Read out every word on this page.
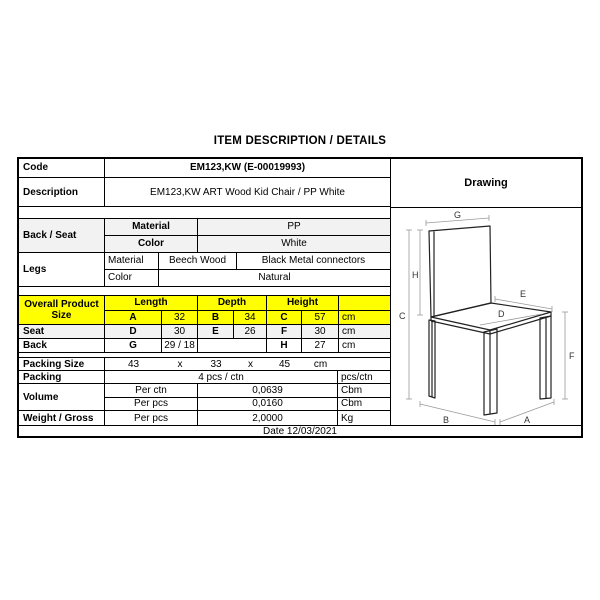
ITEM DESCRIPTION / DETAILS
Code	EM123,KW (E-00019993)
Description	EM123,KW ART Wood Kid Chair / PP White
Back / Seat
Material	PP
Color	White
Legs
Material	Beech Wood	Black Metal connectors
Color	Natural
Overall Product
Size
Length	Depth	Height
A	32	B	34	C	57	cm
Seat	D	30	E	26	F	30	cm
Back	G	29 / 18	H	27	cm
Packing Size	43	x	33	x	45	cm
Packing	4 pcs / ctn	pcs/ctn
Volume
Per ctn	0,0639	Cbm
Per pcs	0,0160	Cbm
Weight / Gross	Per pcs	2,0000	Kg
Drawing
G
H
C
E
D
F
B	A
Date 12/03/2021
